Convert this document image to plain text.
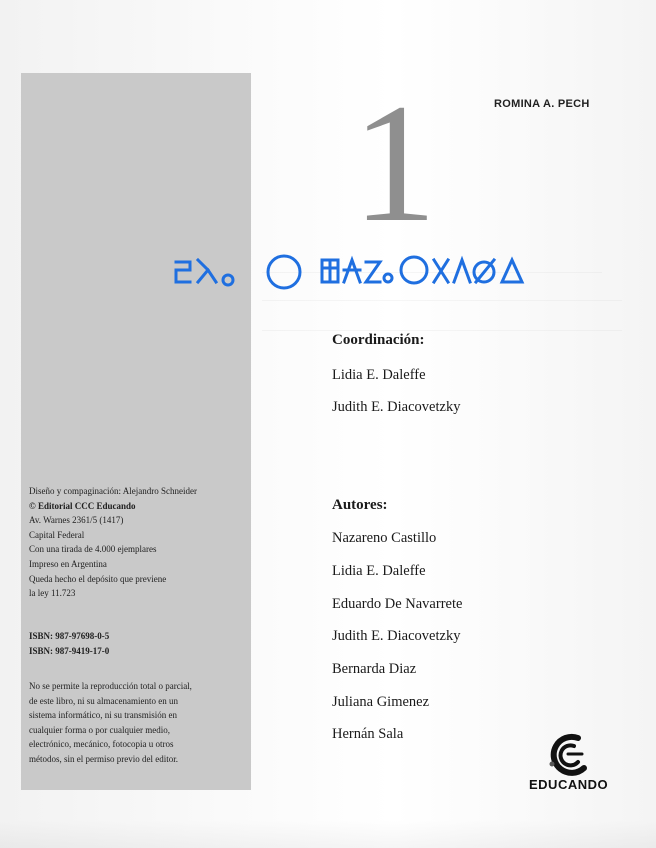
1	ROMINA A. PECH
Coordinación:
Lidia E. Daleffe
Judith E. Diacovetzky
Autores:
Nazareno Castillo
Lidia E. Daleffe
Eduardo De Navarrete
Judith E. Diacovetzky
Bernarda Diaz
Juliana Gimenez
Hernán Sala
Diseño y compaginación: Alejandro Schneider
© Editorial CCC Educando
Av. Warnes 2361/5 (1417)
Capital Federal
Con una tirada de 4.000 ejemplares
Impreso en Argentina
Queda hecho el depósito que previene
la ley 11.723
ISBN: 987-97698-0-5
ISBN: 987-9419-17-0
No se permite la reproducción total o parcial,
de este libro, ni su almacenamiento en un
sistema informático, ni su transmisión en
cualquier forma o por cualquier medio,
electrónico, mecánico, fotocopia u otros
métodos, sin el permiso previo del editor.
EDUCANDO
